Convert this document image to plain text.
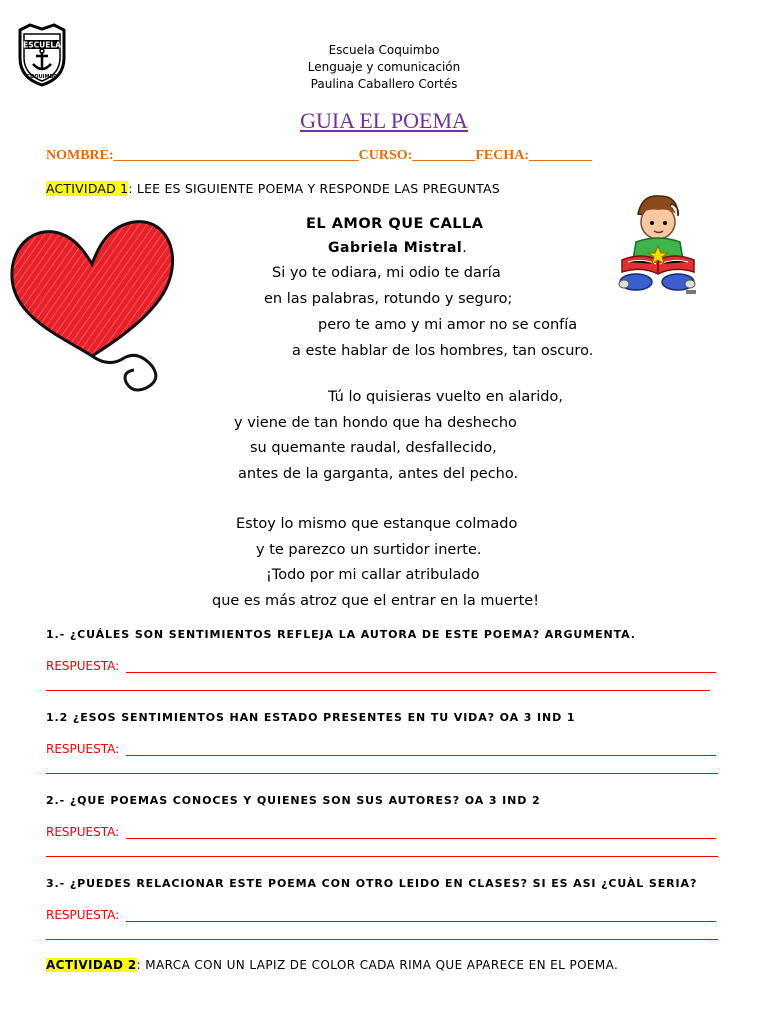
ESCUELA
COQUIMBO
Escuela Coquimbo
Lenguaje y comunicación
Paulina Caballero Cortés
GUIA EL POEMA
NOMBRE:___________________________________CURSO:_________FECHA:_________
ACTIVIDAD 1: LEE ES SIGUIENTE POEMA Y RESPONDE LAS PREGUNTAS
EL AMOR QUE CALLA
Gabriela Mistral.
Si yo te odiara, mi odio te daría
en las palabras, rotundo y seguro;
pero te amo y mi amor no se confía
a este hablar de los hombres, tan oscuro.
Tú lo quisieras vuelto en alarido,
y viene de tan hondo que ha deshecho
su quemante raudal, desfallecido,
antes de la garganta, antes del pecho.
Estoy lo mismo que estanque colmado
y te parezco un surtidor inerte.
¡Todo por mi callar atribulado
que es más atroz que el entrar en la muerte!
1.- ¿CUÁLES SON SENTIMIENTOS REFLEJA LA AUTORA DE ESTE POEMA? ARGUMENTA.
RESPUESTA:
1.2 ¿ESOS SENTIMIENTOS HAN ESTADO PRESENTES EN TU VIDA? OA 3 IND 1
RESPUESTA:
2.- ¿QUE POEMAS CONOCES Y QUIENES SON SUS AUTORES? OA 3 IND 2
RESPUESTA:
3.- ¿PUEDES RELACIONAR ESTE POEMA CON OTRO LEIDO EN CLASES? SI ES ASI ¿CUÀL SERIA?
RESPUESTA:
ACTIVIDAD 2: MARCA CON UN LAPIZ DE COLOR CADA RIMA QUE APARECE EN EL POEMA.
